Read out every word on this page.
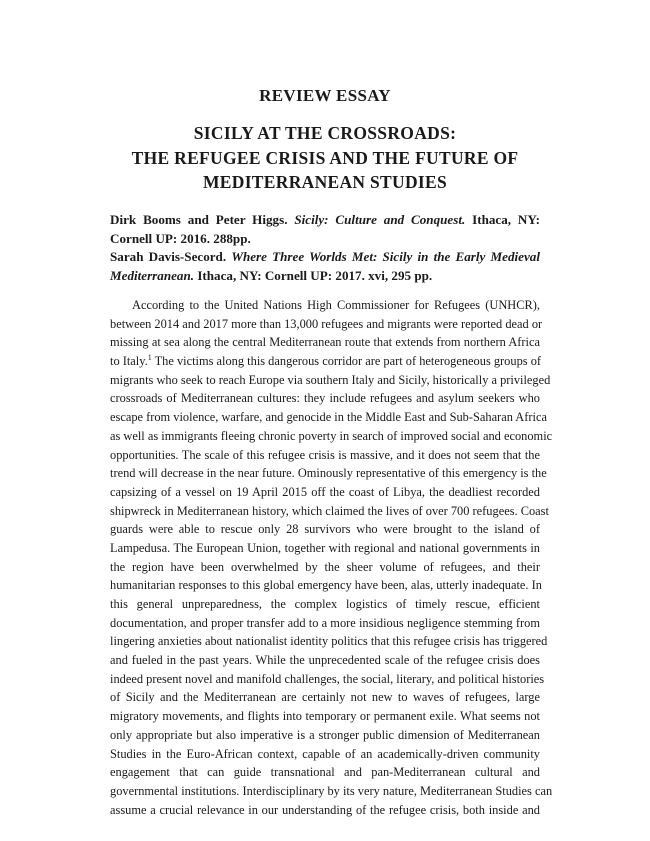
REVIEW ESSAY
SICILY AT THE CROSSROADS:
THE REFUGEE CRISIS AND THE FUTURE OF
MEDITERRANEAN STUDIES

Dirk Booms and Peter Higgs. Sicily: Culture and Conquest. Ithaca, NY: Cornell UP: 2016. 288pp.

Sarah Davis-Secord. Where Three Worlds Met: Sicily in the Early Medieval Mediterranean. Ithaca, NY: Cornell UP: 2017. xvi, 295 pp.

According to the United Nations High Commissioner for Refugees (UNHCR),
between 2014 and 2017 more than 13,000 refugees and migrants were reported dead or
missing at sea along the central Mediterranean route that extends from northern Africa
to Italy.$^1$ The victims along this dangerous corridor are part of heterogeneous groups of
migrants who seek to reach Europe via southern Italy and Sicily, historically a privileged
crossroads of Mediterranean cultures: they include refugees and asylum seekers who
escape from violence, warfare, and genocide in the Middle East and Sub-Saharan Africa
as well as immigrants fleeing chronic poverty in search of improved social and economic
opportunities. The scale of this refugee crisis is massive, and it does not seem that the
trend will decrease in the near future. Ominously representative of this emergency is the
capsizing of a vessel on 19 April 2015 off the coast of Libya, the deadliest recorded
shipwreck in Mediterranean history, which claimed the lives of over 700 refugees. Coast
guards were able to rescue only 28 survivors who were brought to the island of
Lampedusa. The European Union, together with regional and national governments in
the region have been overwhelmed by the sheer volume of refugees, and their
humanitarian responses to this global emergency have been, alas, utterly inadequate. In
this general unpreparedness, the complex logistics of timely rescue, efficient
documentation, and proper transfer add to a more insidious negligence stemming from
lingering anxieties about nationalist identity politics that this refugee crisis has triggered
and fueled in the past years. While the unprecedented scale of the refugee crisis does
indeed present novel and manifold challenges, the social, literary, and political histories
of Sicily and the Mediterranean are certainly not new to waves of refugees, large
migratory movements, and flights into temporary or permanent exile. What seems not
only appropriate but also imperative is a stronger public dimension of Mediterranean
Studies in the Euro-African context, capable of an academically-driven community
engagement that can guide transnational and pan-Mediterranean cultural and
governmental institutions. Interdisciplinary by its very nature, Mediterranean Studies can
assume a crucial relevance in our understanding of the refugee crisis, both inside and
